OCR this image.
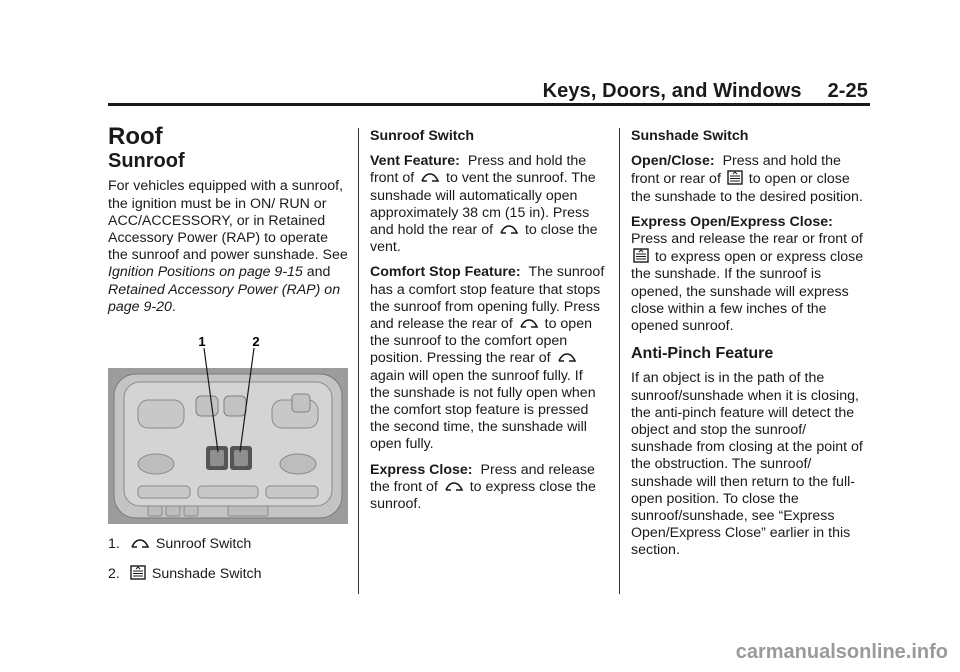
Keys, Doors, and Windows 2-25
Roof
Sunroof

For vehicles equipped with a sunroof, the ignition must be in ON/ RUN or ACC/ACCESSORY, or in Retained Accessory Power (RAP) to operate the sunroof and power sunshade. See Ignition Positions on page 9-15 and Retained Accessory Power (RAP) on page 9-20.

1	2
1.	Sunroof Switch
2. Sunshade Switch

Sunroof Switch

Vent Feature: Press and hold the front of
to vent the sunroof. The sunshade will automatically open approximately 38 cm (15 in). Press and hold the rear of
to close the vent.

Comfort Stop Feature: The sunroof has a comfort stop feature that stops the sunroof from opening fully. Press and release the rear of
to open the sunroof to the comfort open position. Pressing the rear of
again will open the sunroof fully. If the sunshade is not fully open when the comfort stop feature is pressed the second time, the sunshade will open fully.

Express Close: Press and release the front of
to express close the sunroof.

Sunshade Switch

Open/Close: Press and hold the front or rear of
to open or close the sunshade to the desired position.

Express Open/Express Close:
Press and release the rear or front of
to express open or express close the sunshade. If the sunroof is opened, the sunshade will express close within a few inches of the opened sunroof.

Anti-Pinch Feature

If an object is in the path of the sunroof/sunshade when it is closing, the anti-pinch feature will detect the object and stop the sunroof/ sunshade from closing at the point of the obstruction. The sunroof/ sunshade will then return to the full-open position. To close the sunroof/sunshade, see “Express Open/Express Close” earlier in this section.

carmanualsonline.info
